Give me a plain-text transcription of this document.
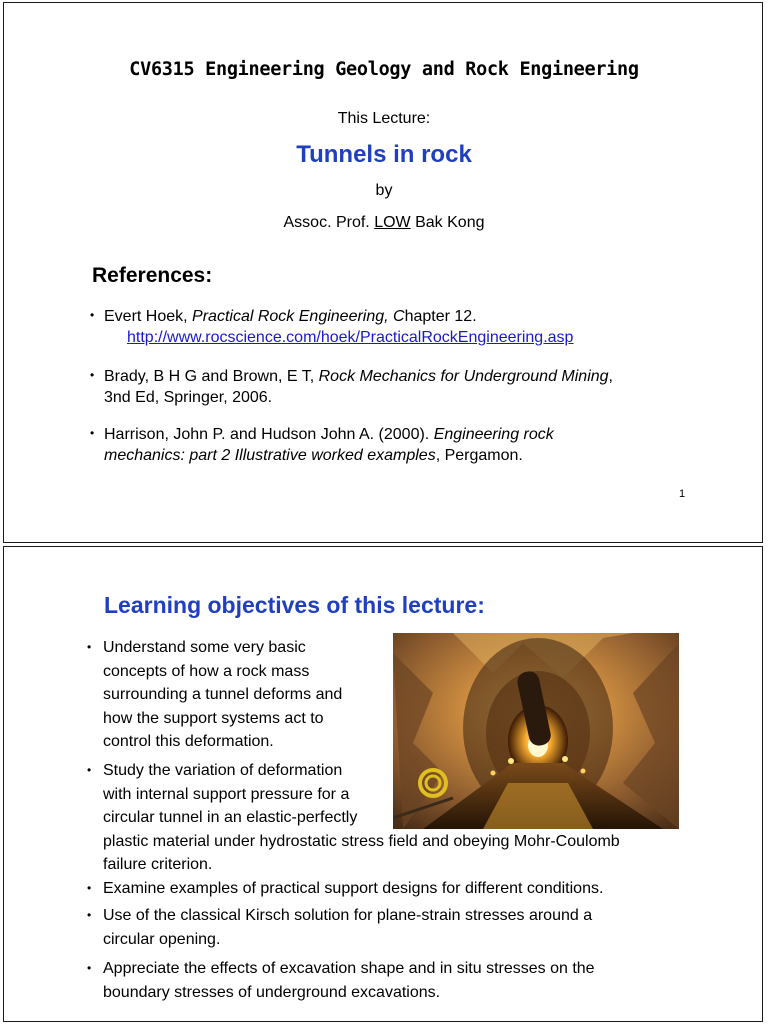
CV6315 Engineering Geology and Rock Engineering
This Lecture:
Tunnels in rock
by
Assoc. Prof. LOW Bak Kong
References:
• Evert Hoek, Practical Rock Engineering, Chapter 12.
http://www.rocscience.com/hoek/PracticalRockEngineering.asp
• Brady, B H G and Brown, E T, Rock Mechanics for Underground Mining,
3nd Ed, Springer, 2006.
• Harrison, John P. and Hudson John A. (2000). Engineering rock
mechanics: part 2 Illustrative worked examples, Pergamon.
1
Learning objectives of this lecture:
• Understand some very basic
concepts of how a rock mass
surrounding a tunnel deforms and
how the support systems act to
control this deformation.
• Study the variation of deformation
with internal support pressure for a
circular tunnel in an elastic-perfectly
plastic material under hydrostatic stress field and obeying Mohr-Coulomb
failure criterion.
• Examine examples of practical support designs for different conditions.
• Use of the classical Kirsch solution for plane-strain stresses around a
circular opening.
• Appreciate the effects of excavation shape and in situ stresses on the
boundary stresses of underground excavations.
